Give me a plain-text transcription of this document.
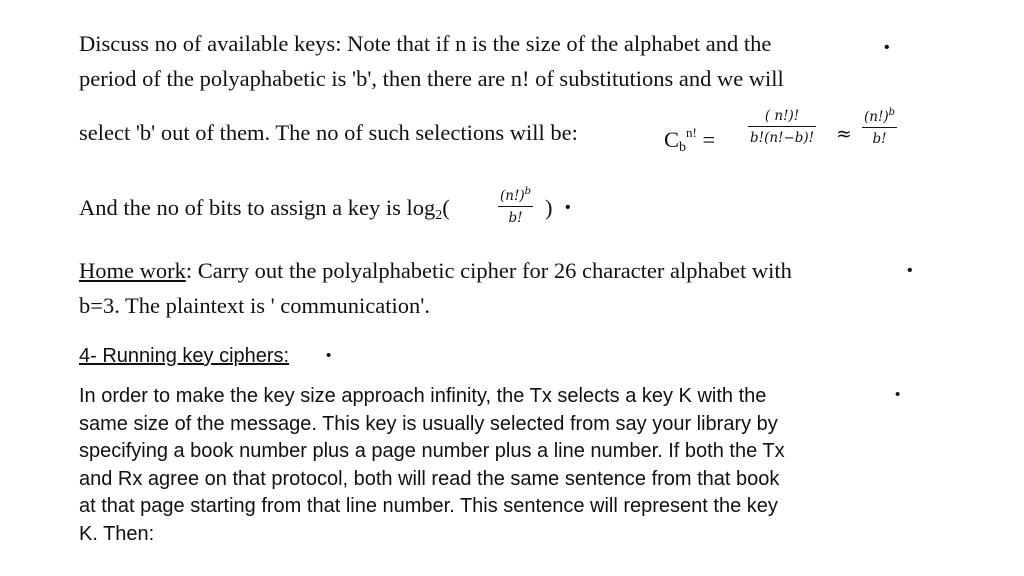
Discuss no of available keys: Note that if n is the size of the alphabet and the	•
period of the polyaphabetic is 'b', then there are n! of substitutions and we will
select 'b' out of them. The no of such selections will be:	$C_b^{n!} = \frac{( n!)!}{b!(n!-b)!} \approx \frac{(n!)^b}{b!}$
And the no of bits to assign a key is $\log_2$(	$\frac{(n!)^b}{b!}$ ) •
Home work: Carry out the polyalphabetic cipher for 26 character alphabet with	•
b=3. The plaintext is ' communication'.
4- Running key ciphers: •
In order to make the key size approach infinity, the Tx selects a key K with the
same size of the message. This key is usually selected from say your library by
specifying a book number plus a page number plus a line number. If both the Tx
and Rx agree on that protocol, both will read the same sentence from that book
at that page starting from that line number. This sentence will represent the key
K. Then:
•
